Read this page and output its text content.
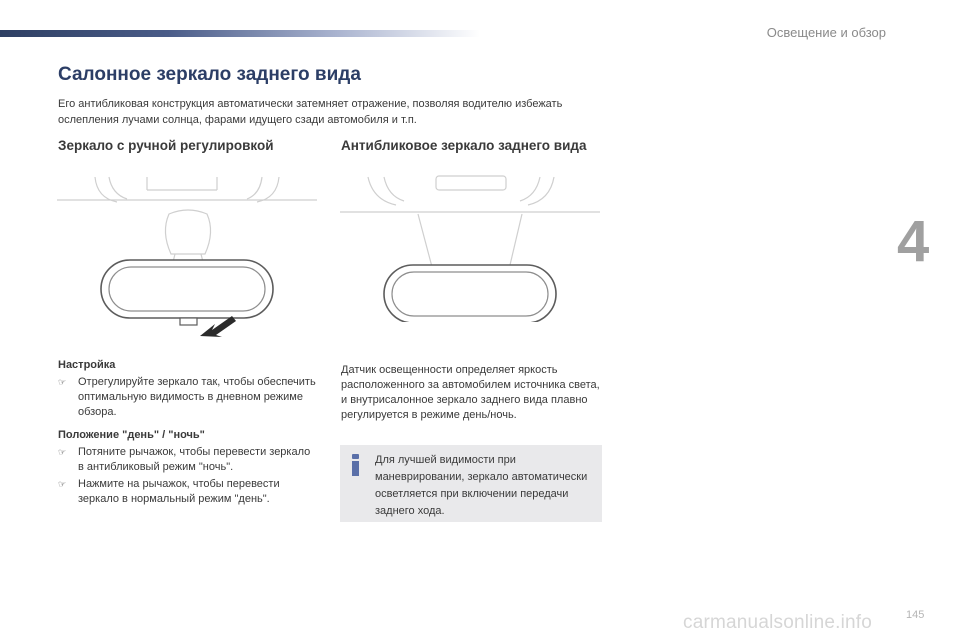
Освещение и обзор
4
145
Салонное зеркало заднего вида

Его антибликовая конструкция автоматически затемняет отражение, позволяя водителю избежать ослепления лучами солнца, фарами идущего сзади автомобиля и т.п.

Зеркало с ручной регулировкой	Антибликовое зеркало заднего вида

Настройка

☞	Отрегулируйте зеркало так, чтобы обеспечить оптимальную видимость в дневном режиме обзора.

Положение "день" / "ночь"

☞	Потяните рычажок, чтобы перевести зеркало в антибликовый режим "ночь".
☞	Нажмите на рычажок, чтобы перевести зеркало в нормальный режим "день".
Датчик освещенности определяет яркость расположенного за автомобилем источника света, и внутрисалонное зеркало заднего вида плавно регулируется в режиме день/ночь.
Для лучшей видимости при маневрировании, зеркало автоматически осветляется при включении передачи заднего хода.
carmanualsonline.info
